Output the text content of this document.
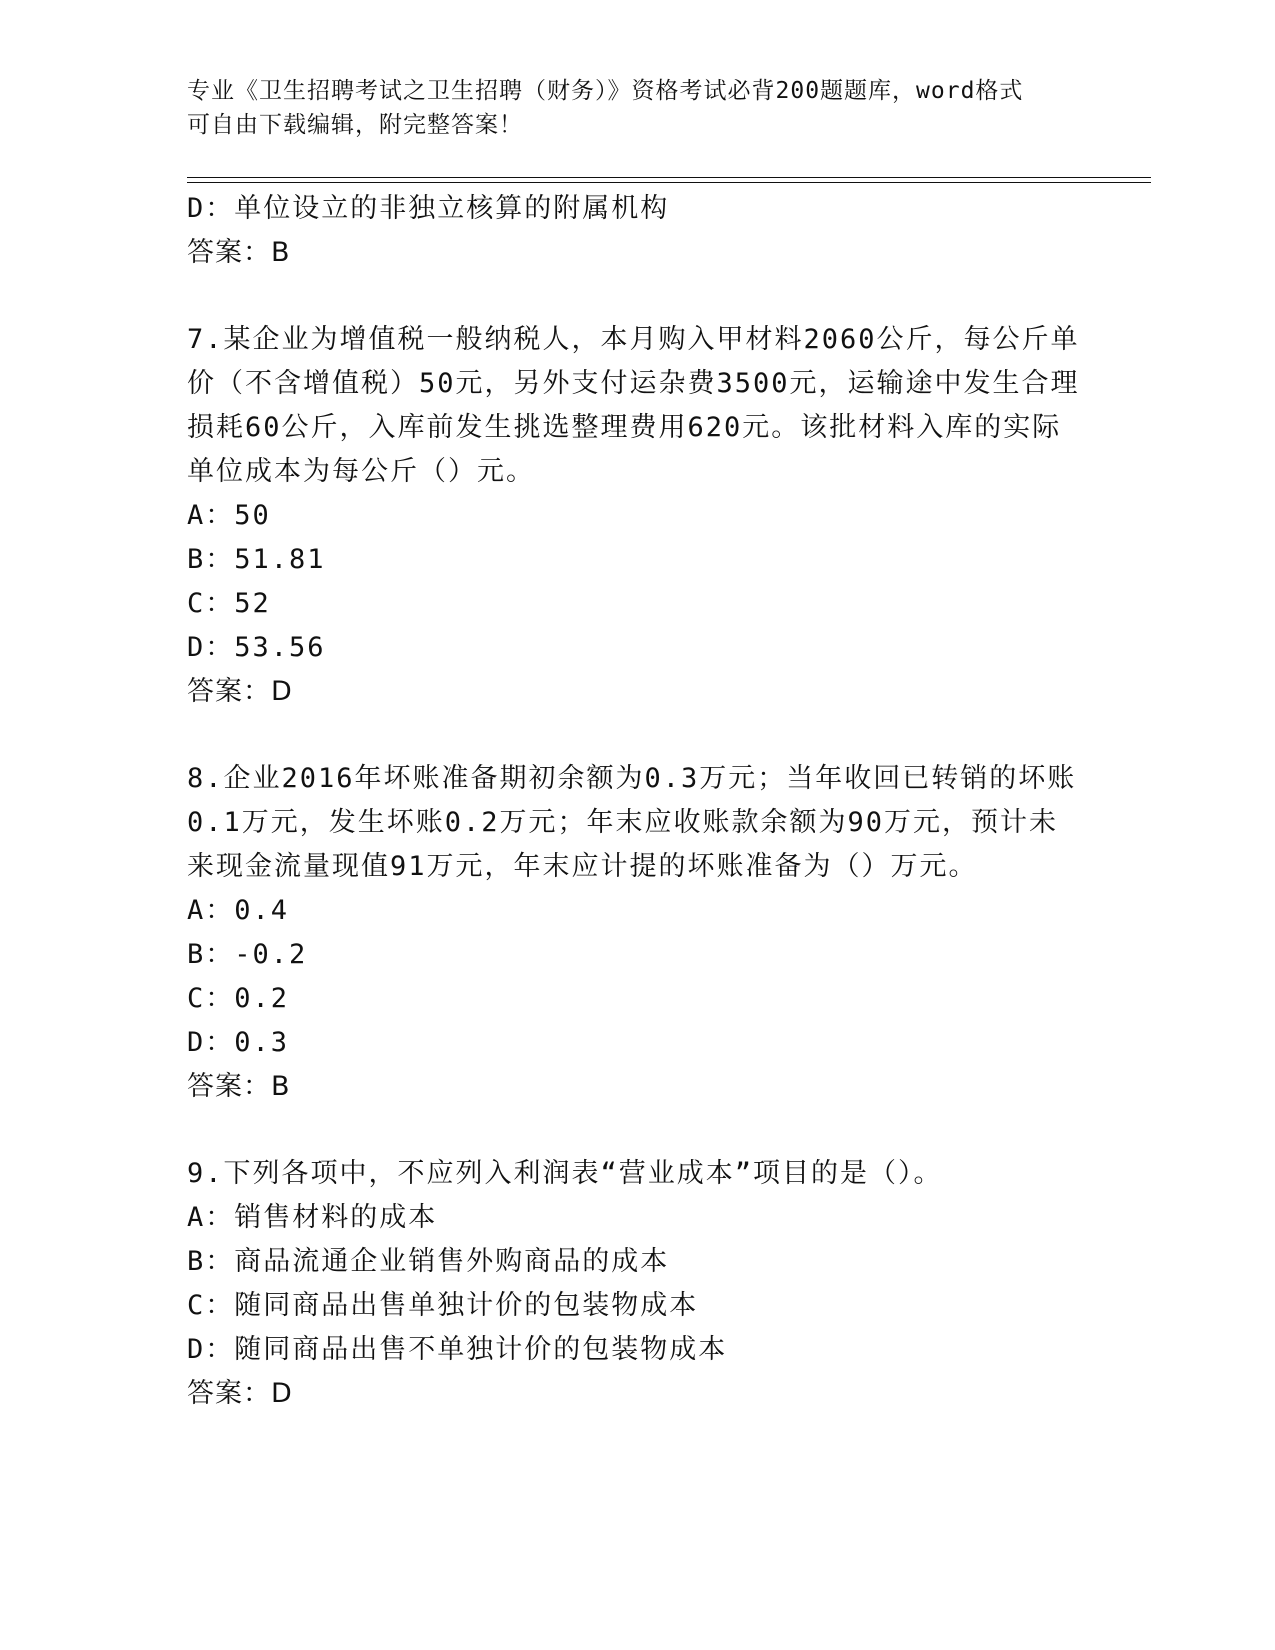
专业《卫生招聘考试之卫生招聘（财务）》资格考试必背200题题库，word格式
可自由下载编辑，附完整答案！
D：单位设立的非独立核算的附属机构
答案：B
7.某企业为增值税一般纳税人，本月购入甲材料2060公斤，每公斤单
价（不含增值税）50元，另外支付运杂费3500元，运输途中发生合理
损耗60公斤，入库前发生挑选整理费用620元。该批材料入库的实际
单位成本为每公斤（）元。
A：50
B：51.81
C：52
D：53.56
答案：D
8.企业2016年坏账准备期初余额为0.3万元；当年收回已转销的坏账
0.1万元，发生坏账0.2万元；年末应收账款余额为90万元，预计未
来现金流量现值91万元，年末应计提的坏账准备为（）万元。
A：0.4
B：-0.2
C：0.2
D：0.3
答案：B
9.下列各项中，不应列入利润表“营业成本”项目的是（）。
A：销售材料的成本
B：商品流通企业销售外购商品的成本
C：随同商品出售单独计价的包装物成本
D：随同商品出售不单独计价的包装物成本
答案：D
